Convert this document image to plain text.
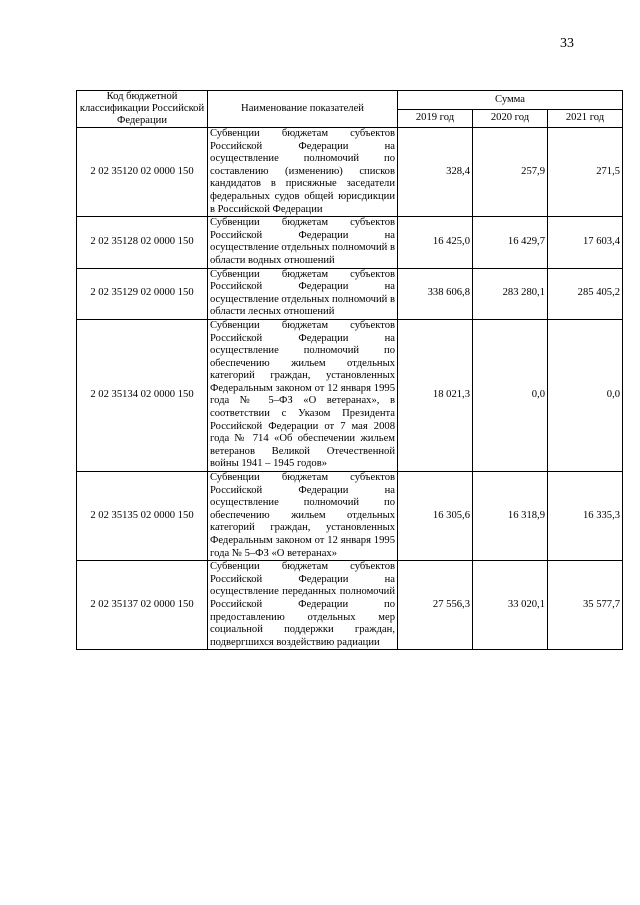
33
Код бюджетной классификации Российской Федерации	Наименование показателей	Сумма		
		2019 год	2020 год	2021 год
2 02 35120 02 0000 150	Субвенции бюджетам субъектов Российской Федерации на осуществление полномочий по составлению (изменению) списков кандидатов в присяжные заседатели федеральных судов общей юрисдикции в Российской Федерации	328,4	257,9	271,5
2 02 35128 02 0000 150	Субвенции бюджетам субъектов Российской Федерации на осуществление отдельных полномочий в области водных отношений	16 425,0	16 429,7	17 603,4
2 02 35129 02 0000 150	Субвенции бюджетам субъектов Российской Федерации на осуществление отдельных полномочий в области лесных отношений	338 606,8	283 280,1	285 405,2
2 02 35134 02 0000 150	Субвенции бюджетам субъектов Российской Федерации на осуществление полномочий по обеспечению жильем отдельных категорий граждан, установленных Федеральным законом от 12 января 1995 года № 5–ФЗ «О ветеранах», в соответствии с Указом Президента Российской Федерации от 7 мая 2008 года № 714 «Об обеспечении жильем ветеранов Великой Отечественной войны 1941 – 1945 годов»	18 021,3	0,0	0,0
2 02 35135 02 0000 150	Субвенции бюджетам субъектов Российской Федерации на осуществление полномочий по обеспечению жильем отдельных категорий граждан, установленных Федеральным законом от 12 января 1995 года № 5–ФЗ «О ветеранах»	16 305,6	16 318,9	16 335,3
2 02 35137 02 0000 150	Субвенции бюджетам субъектов Российской Федерации на осуществление переданных полномочий Российской Федерации по предоставлению отдельных мер социальной поддержки граждан, подвергшихся воздействию радиации	27 556,3	33 020,1	35 577,7
